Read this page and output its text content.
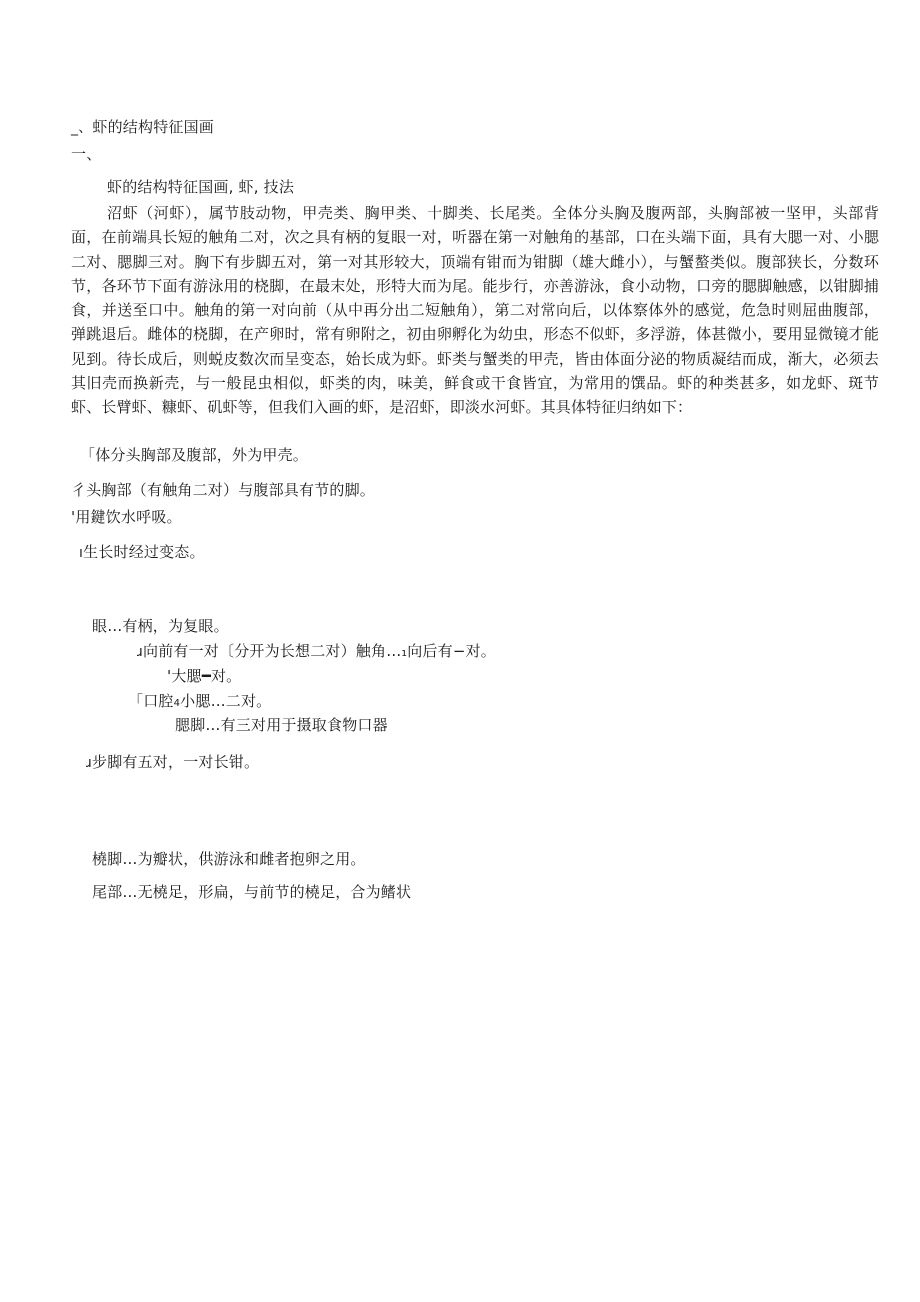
_、虾的结构特征国画
一、
虾的结构特征国画, 虾, 技法
沼虾（河虾），属节肢动物，甲壳类、胸甲类、十脚类、长尾类。全体分头胸及腹两部，头胸部被一坚甲，头部背面，在前端具长短的触角二对，次之具有柄的复眼一对，听器在第一对触角的基部，口在头端下面，具有大腮一对、小腮二对、腮脚三对。胸下有步脚五对，第一对其形较大，顶端有钳而为钳脚（雄大雌小），与蟹螯类似。腹部狭长，分数环节，各环节下面有游泳用的桡脚，在最末处，形特大而为尾。能步行，亦善游泳，食小动物，口旁的腮脚触感，以钳脚捕食，并送至口中。触角的第一对向前（从中再分出二短触角），第二对常向后，以体察体外的感觉，危急时则屈曲腹部，弹跳退后。雌体的桡脚，在产卵时，常有卵附之，初由卵孵化为幼虫，形态不似虾，多浮游，体甚微小，要用显微镜才能见到。待长成后，则蜕皮数次而呈变态，始长成为虾。虾类与蟹类的甲壳，皆由体面分泌的物质凝结而成，渐大，必须去其旧壳而换新壳，与一般昆虫相似，虾类的肉，味美，鲜食或干食皆宜，为常用的馔品。虾的种类甚多，如龙虾、斑节虾、长臂虾、糠虾、矶虾等，但我们入画的虾，是沼虾，即淡水河虾。其具体特征归纳如下：
「体分头胸部及腹部，外为甲壳。
彳头胸部（有触角二对）与腹部具有节的脚。
'用鍵饮水呼吸。
ı生长时经过变态。
眼…有柄，为复眼。
ɹ向前有一对〔分开为长想二对）触角…₁向后有−对。
'大腮━对。
「口腔4小腮…二对。
腮脚…有三对用于摄取食物口器
ɹ步脚有五对，一对长钳。
橈脚…为瓣状，供游泳和雌者抱卵之用。
尾部…无橈足，形扁，与前节的橈足，合为鳍状
